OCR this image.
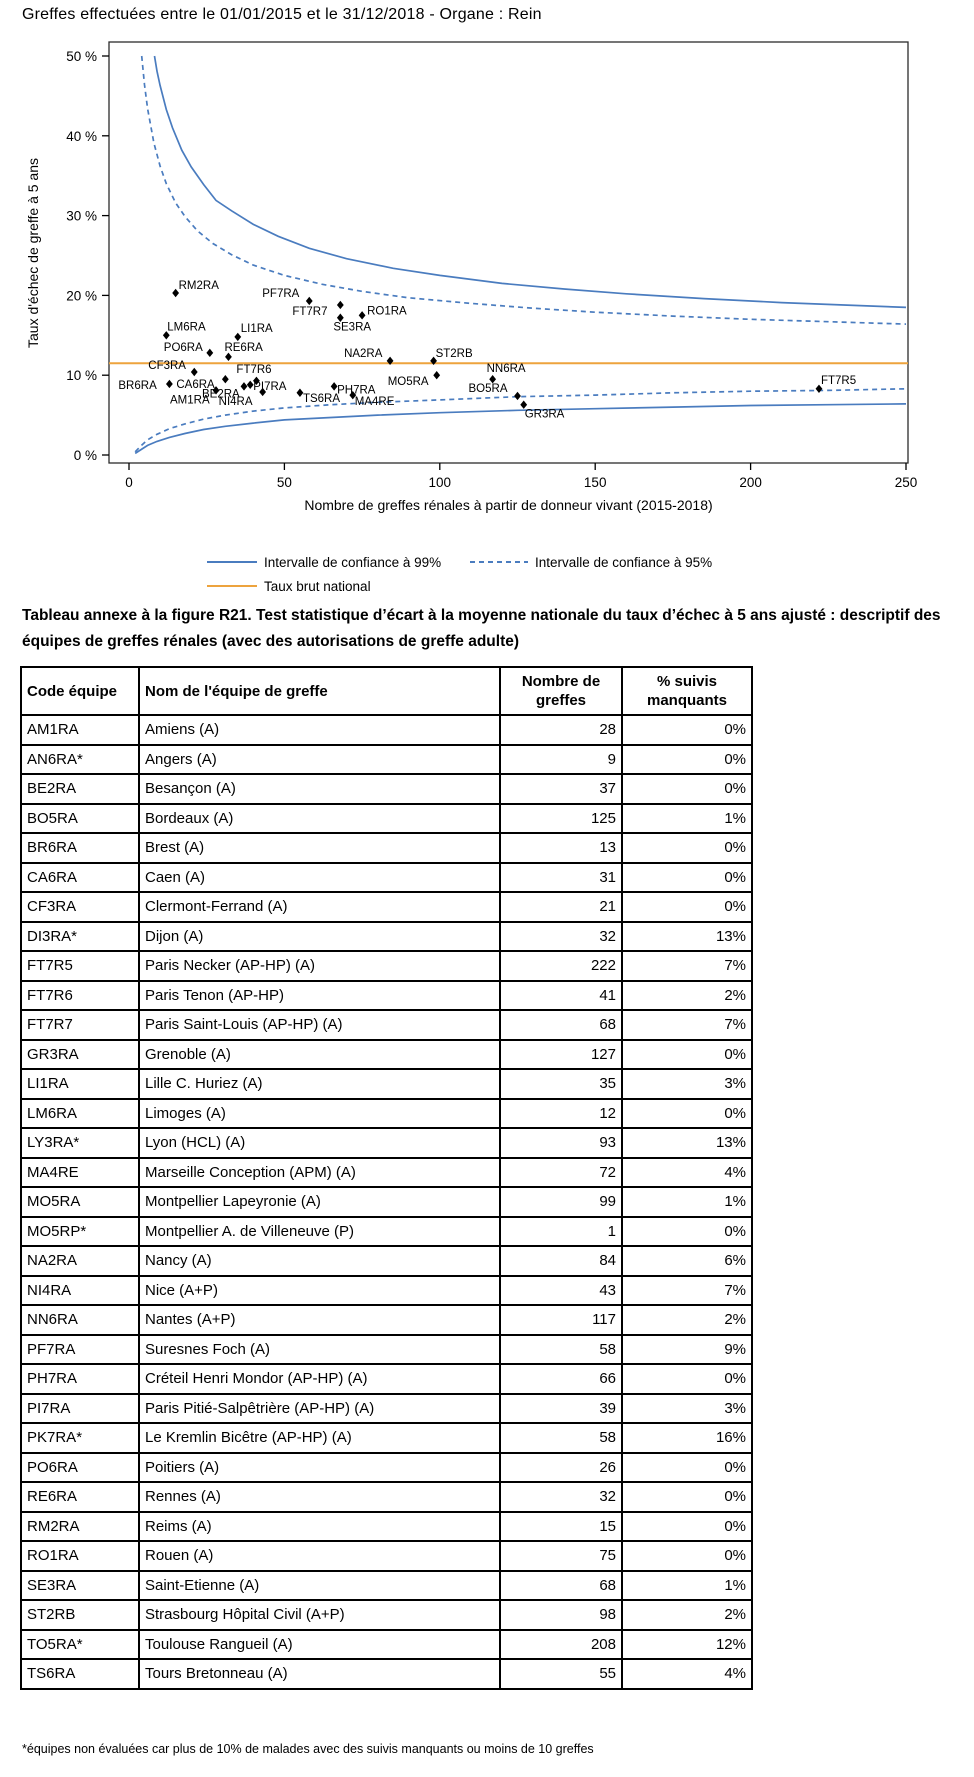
Greffes effectuées entre le 01/01/2015 et le 31/12/2018 - Organe : Rein
0 %
10 %
20 %
30 %
40 %
50 %
0	50	100	150	200	250
Nombre de greffes rénales à partir de donneur vivant (2015-2018)
Taux d'échec de greffe à 5 ans
AM1RA
BE2RA	BO5RA
BR6RA CA6RA
CF3RA
FT7R5
FT7R6
FT7R7
GR3RA
LI1RA
LM6RA
MA4RE
MO5RA
NA2RA
NI4RA
NN6RA
PF7RA
PH7RA
PI7RA
PO6RA RE6RA
RM2RA
RO1RA
SE3RA
ST2RB
TS6RA
Intervalle de confiance à 99%	Intervalle de confiance à 95%
Taux brut national
Tableau annexe à la figure R21. Test statistique d’écart à la moyenne nationale du taux d’échec à 5 ans ajusté : descriptif des équipes de greffes rénales (avec des autorisations de greffe adulte)
Code équipe	Nom de l'équipe de greffe	Nombre de
greffes	% suivis
manquants
AM1RA	Amiens (A)	28	0%
AN6RA*	Angers (A)	9	0%
BE2RA	Besançon (A)	37	0%
BO5RA	Bordeaux (A)	125	1%
BR6RA	Brest (A)	13	0%
CA6RA	Caen (A)	31	0%
CF3RA	Clermont-Ferrand (A)	21	0%
DI3RA*	Dijon (A)	32	13%
FT7R5	Paris Necker (AP-HP) (A)	222	7%
FT7R6	Paris Tenon (AP-HP)	41	2%
FT7R7	Paris Saint-Louis (AP-HP) (A)	68	7%
GR3RA	Grenoble (A)	127	0%
LI1RA	Lille C. Huriez (A)	35	3%
LM6RA	Limoges (A)	12	0%
LY3RA*	Lyon (HCL) (A)	93	13%
MA4RE	Marseille Conception (APM) (A)	72	4%
MO5RA	Montpellier Lapeyronie (A)	99	1%
MO5RP*	Montpellier A. de Villeneuve (P)	1	0%
NA2RA	Nancy (A)	84	6%
NI4RA	Nice (A+P)	43	7%
NN6RA	Nantes (A+P)	117	2%
PF7RA	Suresnes Foch (A)	58	9%
PH7RA	Créteil Henri Mondor (AP-HP) (A)	66	0%
PI7RA	Paris Pitié-Salpêtrière (AP-HP) (A)	39	3%
PK7RA*	Le Kremlin Bicêtre (AP-HP) (A)	58	16%
PO6RA	Poitiers (A)	26	0%
RE6RA	Rennes (A)	32	0%
RM2RA	Reims (A)	15	0%
RO1RA	Rouen (A)	75	0%
SE3RA	Saint-Etienne (A)	68	1%
ST2RB	Strasbourg Hôpital Civil (A+P)	98	2%
TO5RA*	Toulouse Rangueil (A)	208	12%
TS6RA	Tours Bretonneau (A)	55	4%
*équipes non évaluées car plus de 10% de malades avec des suivis manquants ou moins de 10 greffes
